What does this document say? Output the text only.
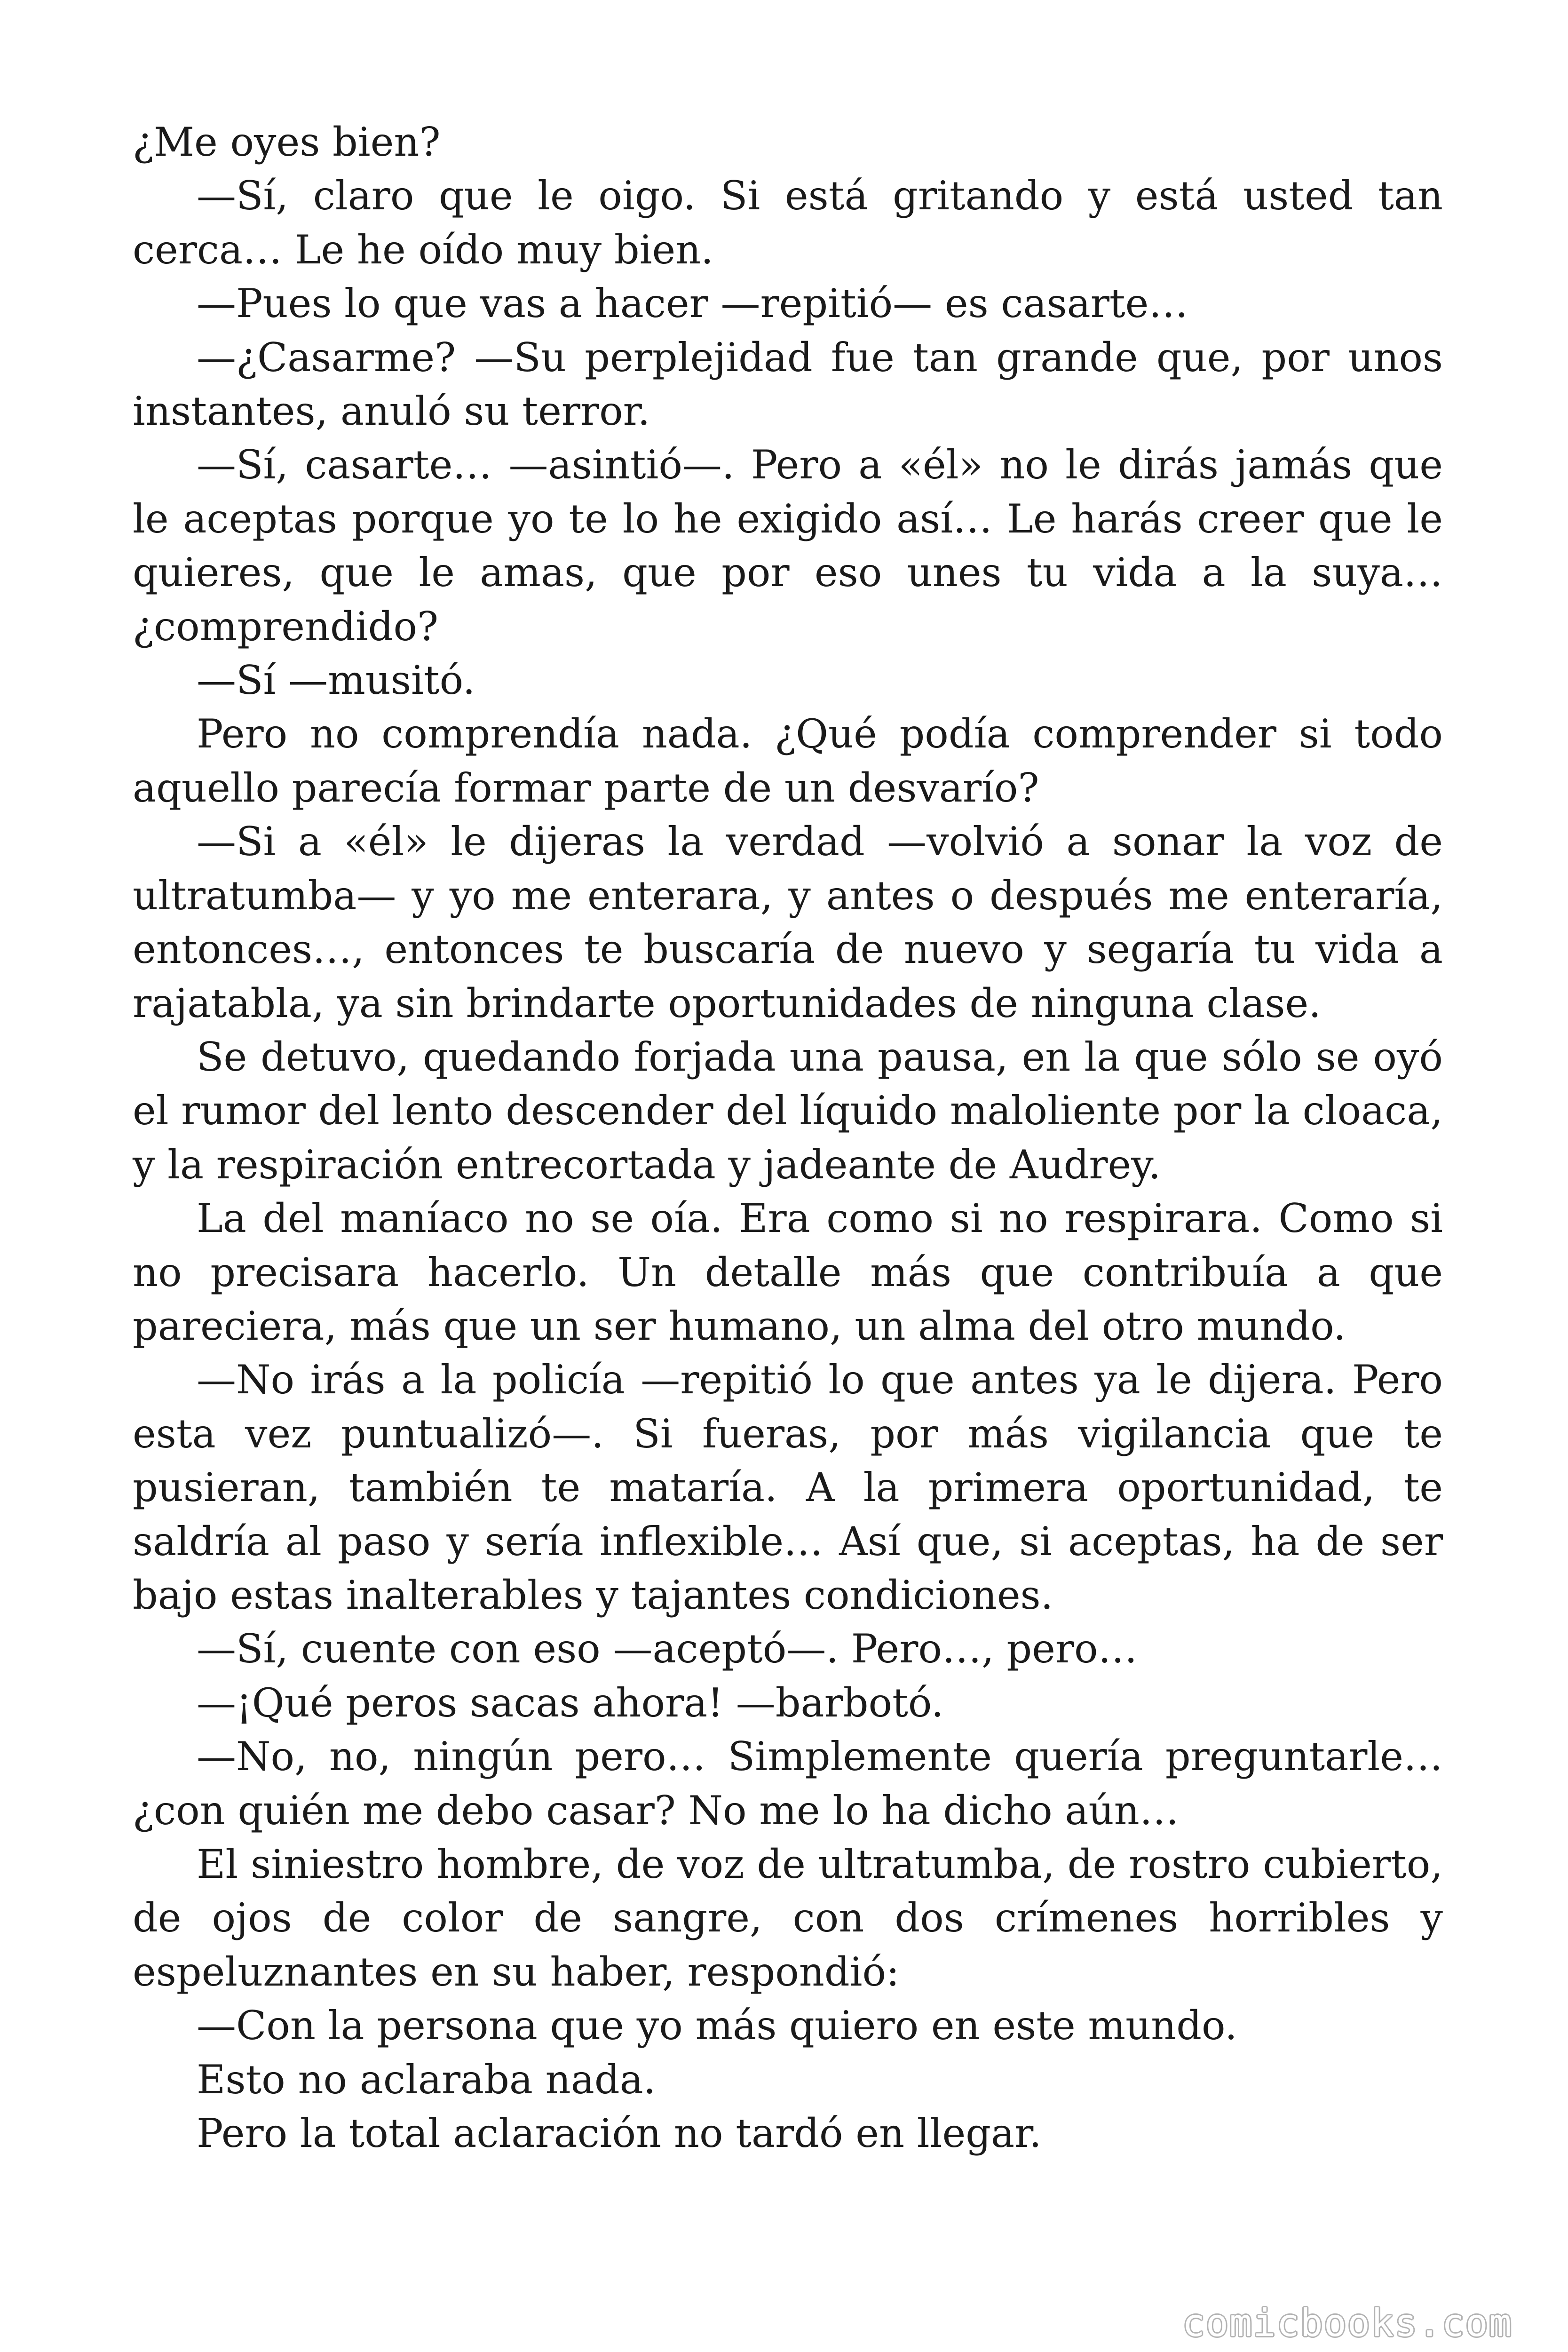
¿Me oyes bien?

—Sí, claro que le oigo. Si está gritando y está usted tan cerca… Le he oído muy bien.

—Pues lo que vas a hacer —repitió— es casarte…

—¿Casarme? —Su perplejidad fue tan grande que, por unos instantes, anuló su terror.

—Sí, casarte… —asintió—. Pero a «él» no le dirás jamás que le aceptas porque yo te lo he exigido así… Le harás creer que le quieres, que le amas, que por eso unes tu vida a la suya… ¿comprendido?

—Sí —musitó.

Pero no comprendía nada. ¿Qué podía comprender si todo aquello parecía formar parte de un desvarío?

—Si a «él» le dijeras la verdad —volvió a sonar la voz de ultratumba— y yo me enterara, y antes o después me enteraría, entonces…, entonces te buscaría de nuevo y segaría tu vida a rajatabla, ya sin brindarte oportunidades de ninguna clase.

Se detuvo, quedando forjada una pausa, en la que sólo se oyó el rumor del lento descender del líquido maloliente por la cloaca, y la respiración entrecortada y jadeante de Audrey.

La del maníaco no se oía. Era como si no respirara. Como si no precisara hacerlo. Un detalle más que contribuía a que pareciera, más que un ser humano, un alma del otro mundo.

—No irás a la policía —repitió lo que antes ya le dijera. Pero esta vez puntualizó—. Si fueras, por más vigilancia que te pusieran, también te mataría. A la primera oportunidad, te saldría al paso y sería inflexible… Así que, si aceptas, ha de ser bajo estas inalterables y tajantes condiciones.

—Sí, cuente con eso —aceptó—. Pero…, pero…

—¡Qué peros sacas ahora! —barbotó.

—No, no, ningún pero… Simplemente quería preguntarle… ¿con quién me debo casar? No me lo ha dicho aún…

El siniestro hombre, de voz de ultratumba, de rostro cubierto, de ojos de color de sangre, con dos crímenes horribles y espeluznantes en su haber, respondió:

—Con la persona que yo más quiero en este mundo.

Esto no aclaraba nada.

Pero la total aclaración no tardó en llegar.

comicbooks.com
